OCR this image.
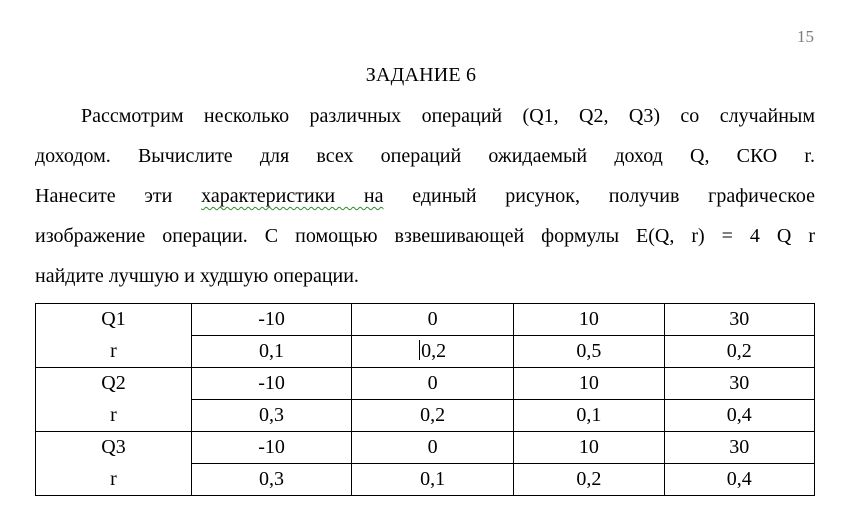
15
ЗАДАНИЕ 6
Рассмотрим несколько различных операций (Q1, Q2, Q3) со случайным
доходом. Вычислите для всех операций ожидаемый доход Q, СКО r.
Нанесите эти характеристики на единый рисунок, получив графическое
изображение операции. С помощью взвешивающей формулы E(Q, r) = 4 Q r
найдите лучшую и худшую операции.
Q1	-10	0	10	30
r	0,1	0,2	0,5	0,2
Q2	-10	0	10	30
r	0,3	0,2	0,1	0,4
Q3	-10	0	10	30
r	0,3	0,1	0,2	0,4
